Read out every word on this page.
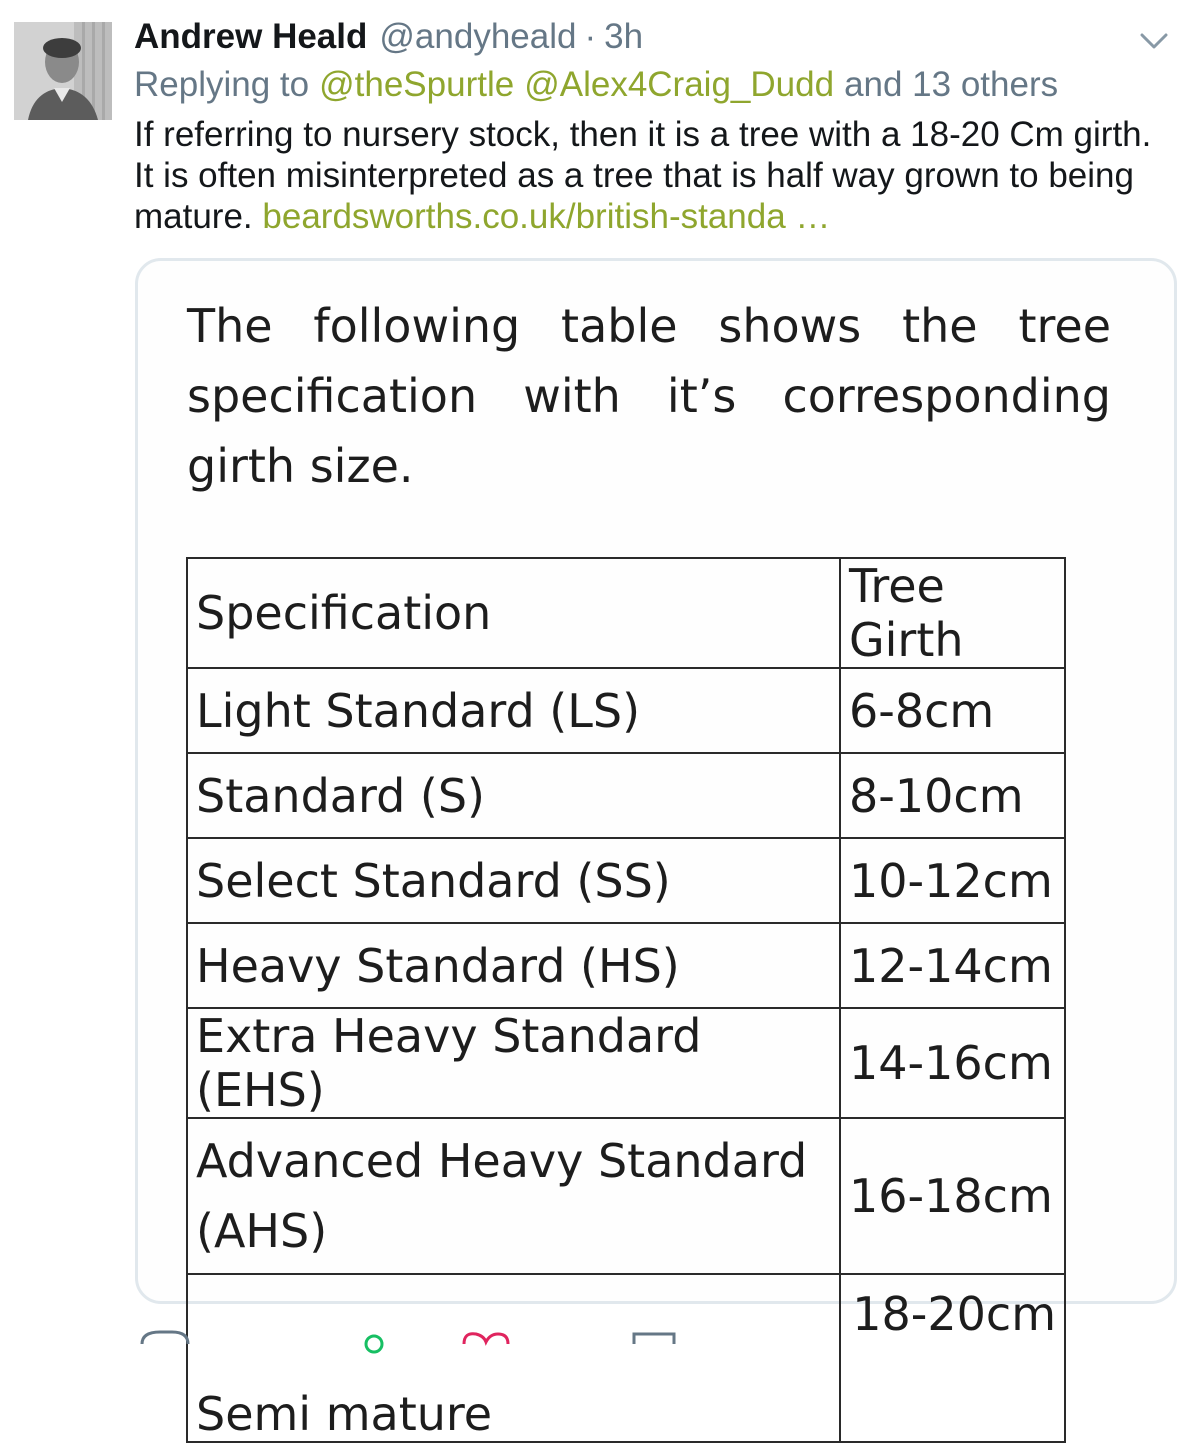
Andrew Heald @andyheald · 3h
Replying to @theSpurtle @Alex4Craig_Dudd and 13 others
If referring to nursery stock, then it is a tree with a 18-20 Cm girth. It is often misinterpreted as a tree that is half way grown to being mature. beardsworths.co.uk/british-standa …
The following table shows the tree specification with it’s corresponding girth size.
Specification	Tree Girth
Light Standard (LS)	6-8cm
Standard (S)	8-10cm
Select Standard (SS)	10-12cm
Heavy Standard (HS)	12-14cm
Extra Heavy Standard (EHS)	14-16cm
Advanced Heavy Standard (AHS)	16-18cm
Semi mature	18-20cm
